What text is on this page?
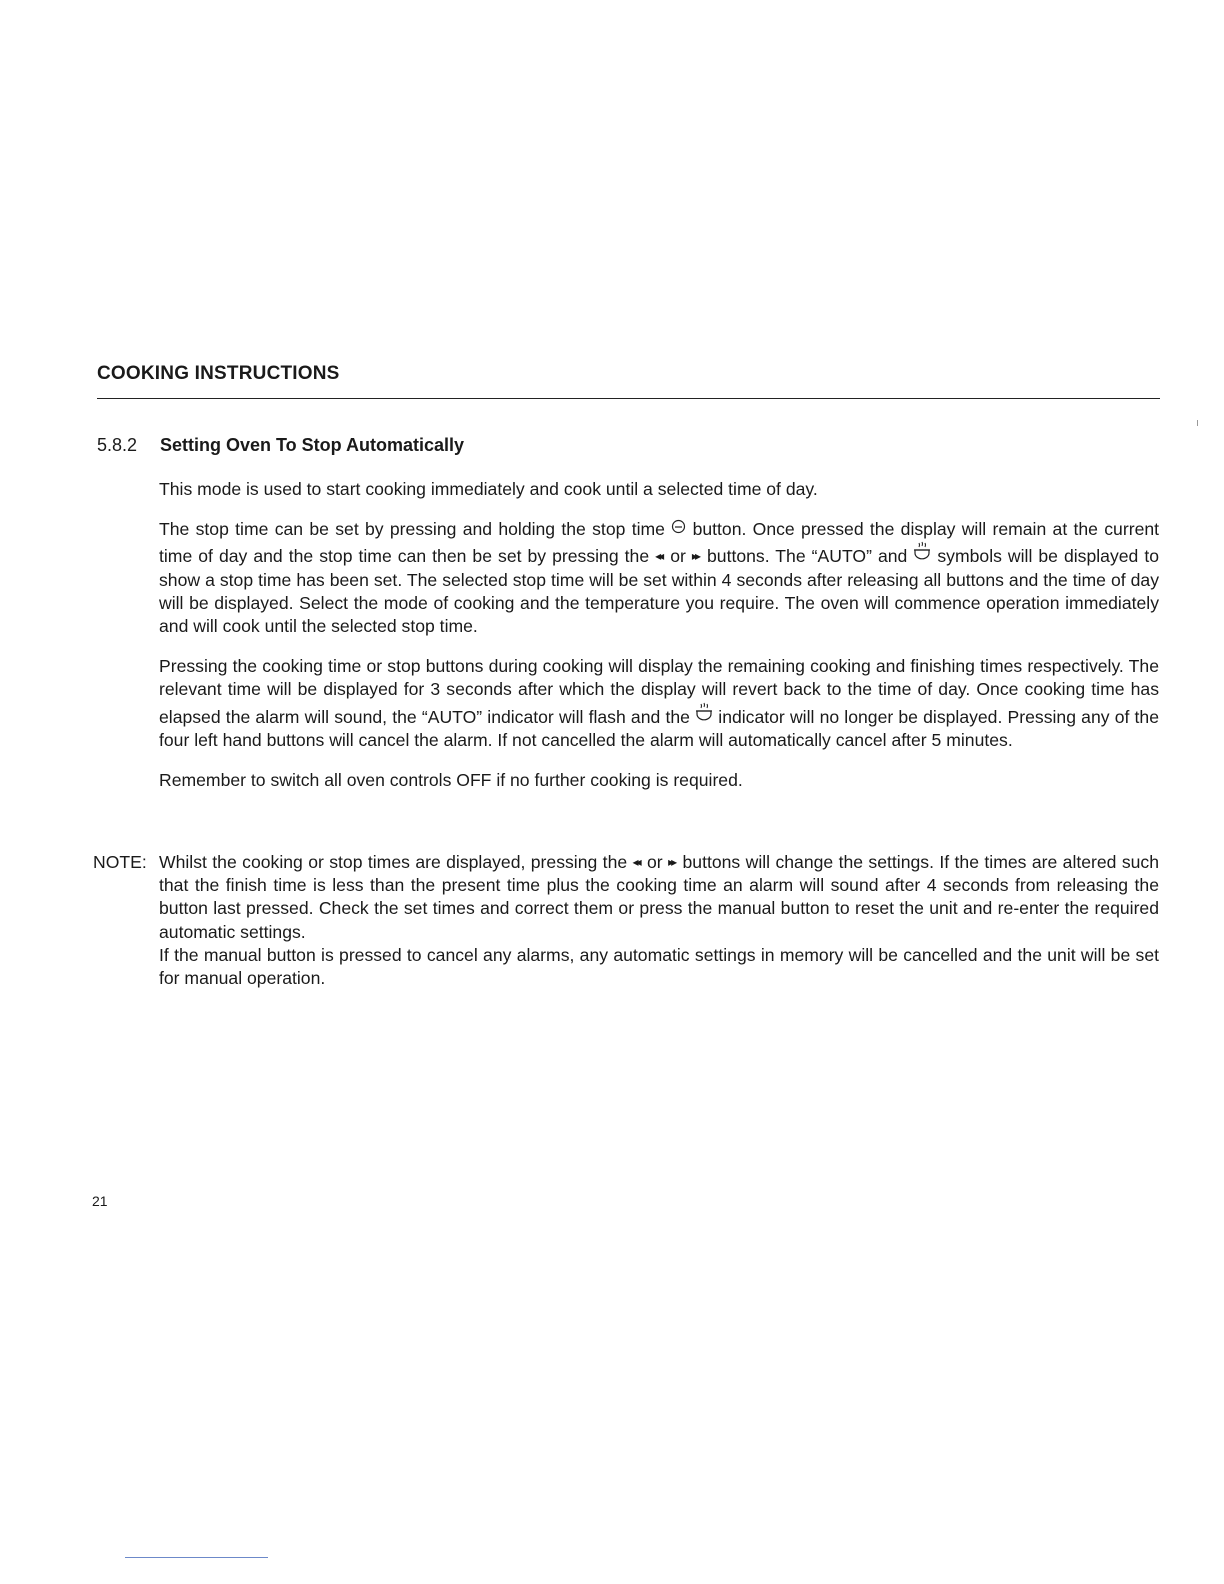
COOKING INSTRUCTIONS
5.8.2 Setting Oven To Stop Automatically

This mode is used to start cooking immediately and cook until a selected time of day.

The stop time can be set by pressing and holding the stop time button. Once pressed the display will remain at the current time of day and the stop time can then be set by pressing the ◂◂ or ▸▸ buttons. The “AUTO” and symbols will be displayed to show a stop time has been set. The selected stop time will be set within 4 seconds after releasing all buttons and the time of day will be displayed. Select the mode of cooking and the temperature you require. The oven will commence operation immediately and will cook until the selected stop time.

Pressing the cooking time or stop buttons during cooking will display the remaining cooking and finishing times respectively. The relevant time will be displayed for 3 seconds after which the display will revert back to the time of day. Once cooking time has elapsed the alarm will sound, the “AUTO” indicator will flash and the indicator will no longer be displayed. Pressing any of the four left hand buttons will cancel the alarm. If not cancelled the alarm will automatically cancel after 5 minutes.

Remember to switch all oven controls OFF if no further cooking is required.

NOTE: Whilst the cooking or stop times are displayed, pressing the ◂◂ or ▸▸ buttons will change the settings. If the times are altered such that the finish time is less than the present time plus the cooking time an alarm will sound after 4 seconds from releasing the button last pressed. Check the set times and correct them or press the manual button to reset the unit and re-enter the required automatic settings.

If the manual button is pressed to cancel any alarms, any automatic settings in memory will be cancelled and the unit will be set for manual operation.

21
